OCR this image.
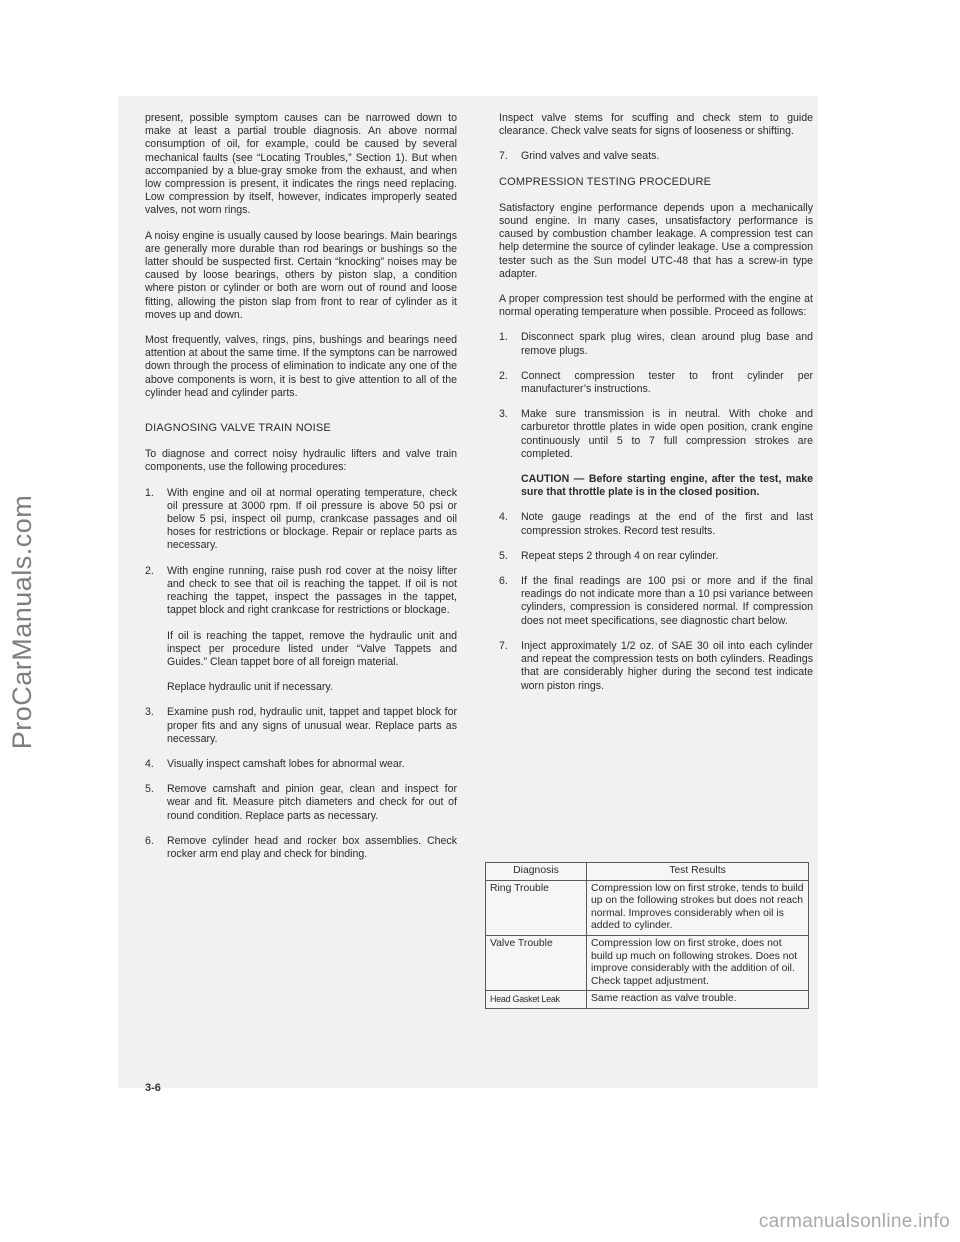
ProCarManuals.com

present, possible symptom causes can be narrowed down to make at least a partial trouble diagnosis. An above normal consumption of oil, for example, could be caused by several mechanical faults (see “Locating Troubles,” Section 1). But when accompanied by a blue-gray smoke from the exhaust, and when low compression is present, it indicates the rings need replacing. Low compression by itself, however, indicates improperly seated valves, not worn rings.

A noisy engine is usually caused by loose bearings. Main bearings are generally more durable than rod bearings or bushings so the latter should be suspected first. Certain “knocking” noises may be caused by loose bearings, others by piston slap, a condition where piston or cylinder or both are worn out of round and loose fitting, allowing the piston slap from front to rear of cylinder as it moves up and down.

Most frequently, valves, rings, pins, bushings and bearings need attention at about the same time. If the symptons can be narrowed down through the process of elimination to indicate any one of the above components is worn, it is best to give attention to all of the cylinder head and cylinder parts.

DIAGNOSING VALVE TRAIN NOISE

To diagnose and correct noisy hydraulic lifters and valve train components, use the following procedures:

1. With engine and oil at normal operating temperature, check oil pressure at 3000 rpm. If oil pressure is above 50 psi or below 5 psi, inspect oil pump, crankcase passages and oil hoses for restrictions or blockage. Repair or replace parts as necessary.

2. With engine running, raise push rod cover at the noisy lifter and check to see that oil is reaching the tappet. If oil is not reaching the tappet, inspect the passages in the tappet, tappet block and right crankcase for restrictions or blockage.

If oil is reaching the tappet, remove the hydraulic unit and inspect per procedure listed under “Valve Tappets and Guides.” Clean tappet bore of all foreign material.

Replace hydraulic unit if necessary.

3. Examine push rod, hydraulic unit, tappet and tappet block for proper fits and any signs of unusual wear. Replace parts as necessary.

4. Visually inspect camshaft lobes for abnormal wear.

5. Remove camshaft and pinion gear, clean and inspect for wear and fit. Measure pitch diameters and check for out of round condition. Replace parts as necessary.

6. Remove cylinder head and rocker box assemblies. Check rocker arm end play and check for binding.

Inspect valve stems for scuffing and check stem to guide clearance. Check valve seats for signs of looseness or shifting.

7. Grind valves and valve seats.

COMPRESSION TESTING PROCEDURE

Satisfactory engine performance depends upon a mechanically sound engine. In many cases, unsatisfactory performance is caused by combustion chamber leakage. A compression test can help determine the source of cylinder leakage. Use a compression tester such as the Sun model UTC-48 that has a screw-in type adapter.

A proper compression test should be performed with the engine at normal operating temperature when possible. Proceed as follows:

1. Disconnect spark plug wires, clean around plug base and remove plugs.

2. Connect compression tester to front cylinder per manufacturer’s instructions.

3. Make sure transmission is in neutral. With choke and carburetor throttle plates in wide open position, crank engine continuously until 5 to 7 full compression strokes are completed.

CAUTION — Before starting engine, after the test, make sure that throttle plate is in the closed position.

4. Note gauge readings at the end of the first and last compression strokes. Record test results.

5. Repeat steps 2 through 4 on rear cylinder.

6. If the final readings are 100 psi or more and if the final readings do not indicate more than a 10 psi variance between cylinders, compression is considered normal. If compression does not meet specifications, see diagnostic chart below.

7. Inject approximately 1/2 oz. of SAE 30 oil into each cylinder and repeat the compression tests on both cylinders. Readings that are considerably higher during the second test indicate worn piston rings.

Diagnosis	Test Results
Ring Trouble	Compression low on first stroke, tends to build up on the following strokes but does not reach normal. Improves considerably when oil is added to cylinder.
Valve Trouble	Compression low on first stroke, does not build up much on following strokes. Does not improve considerably with the addition of oil. Check tappet adjustment.
Head Gasket Leak	Same reaction as valve trouble.
3-6
carmanualsonline.info
